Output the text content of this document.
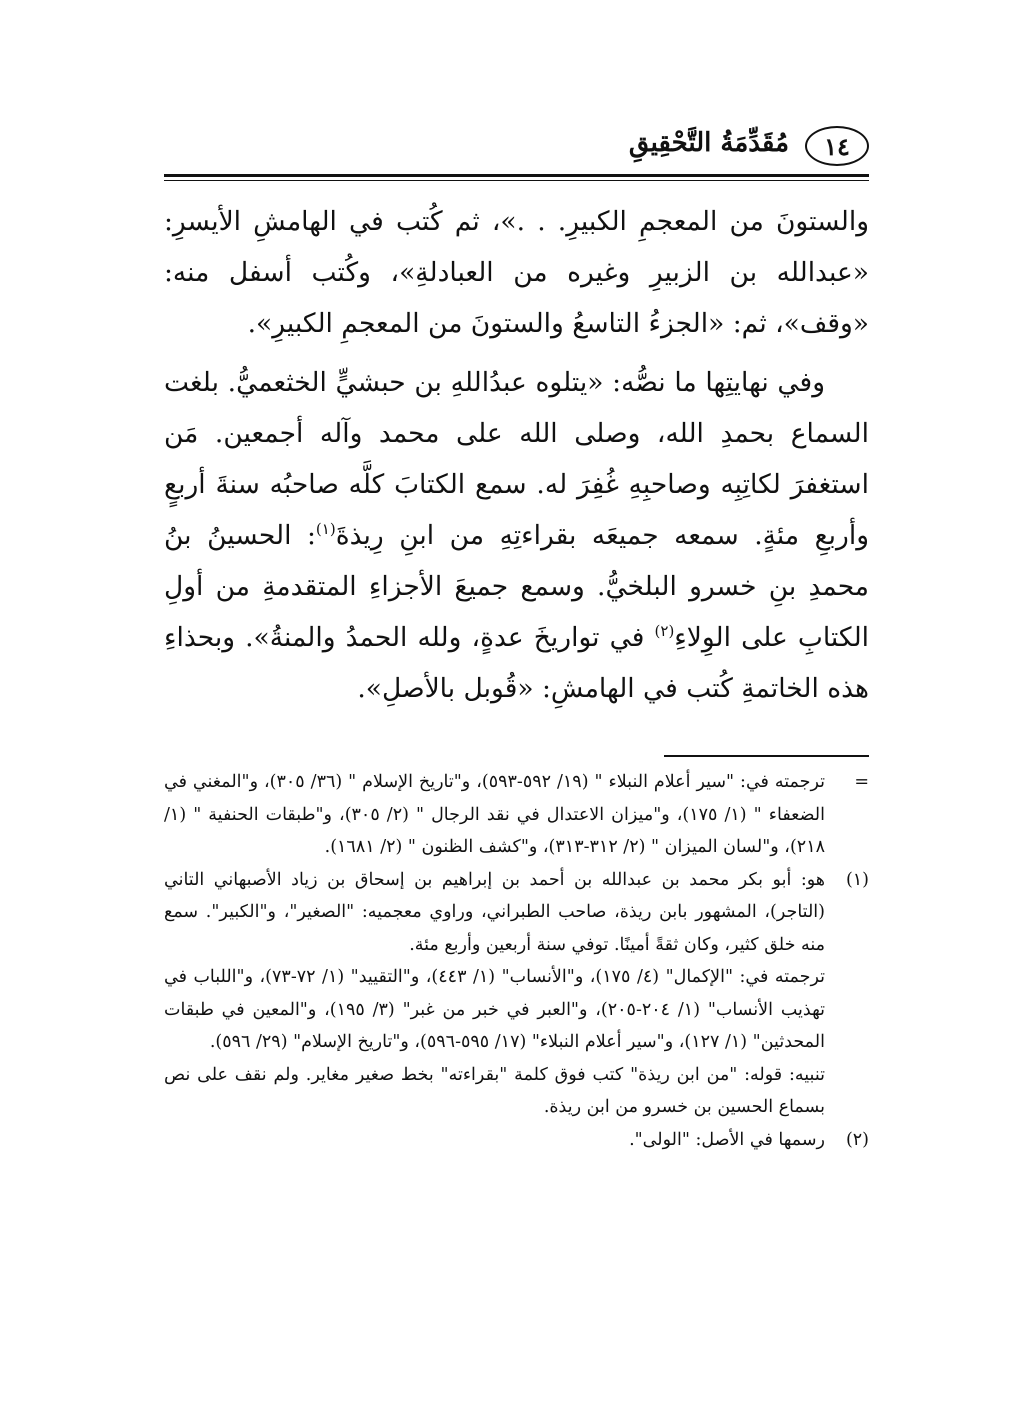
١٤
مُقَدِّمَةُ التَّحْقِيقِ

والستونَ من المعجمِ الكبيرِ. . .»، ثم كُتب في الهامشِ الأيسرِ: «عبدالله بن الزبيرِ وغيره من العبادلةِ»، وكُتب أسفل منه: «وقف»، ثم: «الجزءُ التاسعُ والستونَ من المعجمِ الكبيرِ».

وفي نهايتِها ما نصُّه: «يتلوه عبدُاللهِ بن حبشيٍّ الخثعميُّ. بلغت السماع بحمدِ الله، وصلى الله على محمد وآله أجمعين. مَن استغفرَ لكاتِبِه وصاحبِهِ غُفِرَ له. سمع الكتابَ كلَّه صاحبُه سنةَ أربعٍ وأربعِ مئةٍ. سمعه جميعَه بقراءتِهِ من ابنِ رِيذةَ$^{(١)}$: الحسينُ بنُ محمدِ بنِ خسرو البلخيُّ. وسمع جميعَ الأجزاءِ المتقدمةِ من أولِ الكتابِ على الوِلاءِ$^{(٢)}$ في تواريخَ عدةٍ، ولله الحمدُ والمنةُ». وبحذاءِ هذه الخاتمةِ كُتب في الهامشِ: «قُوبل بالأصلِ».

=

ترجمته في: "سير أعلام النبلاء " (١٩/ ٥٩٢-٥٩٣)، و"تاريخ الإسلام " (٣٦/ ٣٠٥)، و"المغني في الضعفاء " (١/ ١٧٥)، و"ميزان الاعتدال في نقد الرجال " (٢/ ٣٠٥)، و"طبقات الحنفية " (١/ ٢١٨)، و"لسان الميزان " (٢/ ٣١٢-٣١٣)، و"كشف الظنون " (٢/ ١٦٨١).

(١)

هو: أبو بكر محمد بن عبدالله بن أحمد بن إبراهيم بن إسحاق بن زياد الأصبهاني التاني (التاجر)، المشهور بابن ريذة، صاحب الطبراني، وراوي معجميه: "الصغير"، و"الكبير". سمع منه خلق كثير، وكان ثقةً أمينًا. توفي سنة أربعين وأربع مئة.

ترجمته في: "الإكمال" (٤/ ١٧٥)، و"الأنساب" (١/ ٤٤٣)، و"التقييد" (١/ ٧٢-٧٣)، و"اللباب في تهذيب الأنساب" (١/ ٢٠٤-٢٠٥)، و"العبر في خبر من غبر" (٣/ ١٩٥)، و"المعين في طبقات المحدثين" (١/ ١٢٧)، و"سير أعلام النبلاء" (١٧/ ٥٩٥-٥٩٦)، و"تاريخ الإسلام" (٢٩/ ٥٩٦).

تنبيه: قوله: "من ابن ريذة" كتب فوق كلمة "بقراءته" بخط صغير مغاير. ولم نقف على نص بسماع الحسين بن خسرو من ابن ريذة.

(٢)

رسمها في الأصل: "الولى".
